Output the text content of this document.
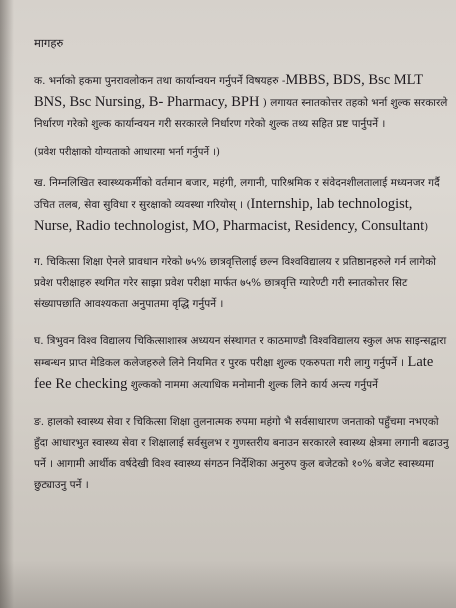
मागहरु

क. भर्नाको हकमा पुनरावलोकन तथा कार्यान्वयन गर्नुपर्ने विषयहरु -MBBS, BDS, Bsc MLT BNS, Bsc Nursing, B- Pharmacy, BPH ) लगायत स्नातकोत्तर तहको भर्ना शुल्क सरकारले निर्धारण गरेको शुल्क कार्यान्वयन गरी सरकारले निर्धारण गरेको शुल्क तथ्य सहित प्रष्ट पार्नुपर्ने ।

(प्रवेश परीक्षाको योग्यताको आधारमा भर्ना गर्नुपर्ने ।)

ख. निम्नलिखित स्वास्थ्यकर्मीको वर्तमान बजार, महंगी, लगानी, पारिश्रमिक र संवेदनशीलतालाई मध्यनजर गर्दै उचित तलब, सेवा सुविधा र सुरक्षाको व्यवस्था गरियोस् । (Internship, lab technologist, Nurse, Radio technologist, MO, Pharmacist, Residency, Consultant)

ग. चिकित्सा शिक्षा ऐनले प्रावधान गरेको ७५% छात्रवृत्तिलाई छल्न विश्वविद्यालय र प्रतिष्ठानहरुले गर्न लागेको प्रवेश परीक्षाहरु स्थगित गरेर साझा प्रवेश परीक्षा मार्फत ७५% छात्रवृत्ति ग्यारेण्टी गरी स्नातकोत्तर सिट संख्यापछाति आवश्यकता अनुपातमा वृद्धि गर्नुपर्ने ।

घ. त्रिभुवन विश्व विद्यालय चिकित्साशास्त्र अध्ययन संस्थागत र काठमाण्डौ विश्वविद्यालय स्कुल अफ साइन्सद्वारा सम्बन्धन प्राप्त मेडिकल कलेजहरुले लिने नियमित र पुरक परीक्षा शुल्क एकरुपता गरी लागु गर्नुपर्ने । Late fee Re checking शुल्कको नाममा अत्याधिक मनोमानी शुल्क लिने कार्य अन्त्य गर्नुपर्ने

ङ. हालको स्वास्थ्य सेवा र चिकित्सा शिक्षा तुलनात्मक रुपमा महंगो भै सर्वसाधारण जनताको पहुँचमा नभएको हुँदा आधारभुत स्वास्थ्य सेवा र शिक्षालाई सर्वसुलभ र गुणस्तरीय बनाउन सरकारले स्वास्थ्य क्षेत्रमा लगानी बढाउनु पर्ने । आगामी आर्थीक वर्षदेखी विश्व स्वास्थ्य संगठन निर्देशिका अनुरुप कुल बजेटको १०% बजेट स्वास्थ्यमा छुट्याउनु पर्ने ।
